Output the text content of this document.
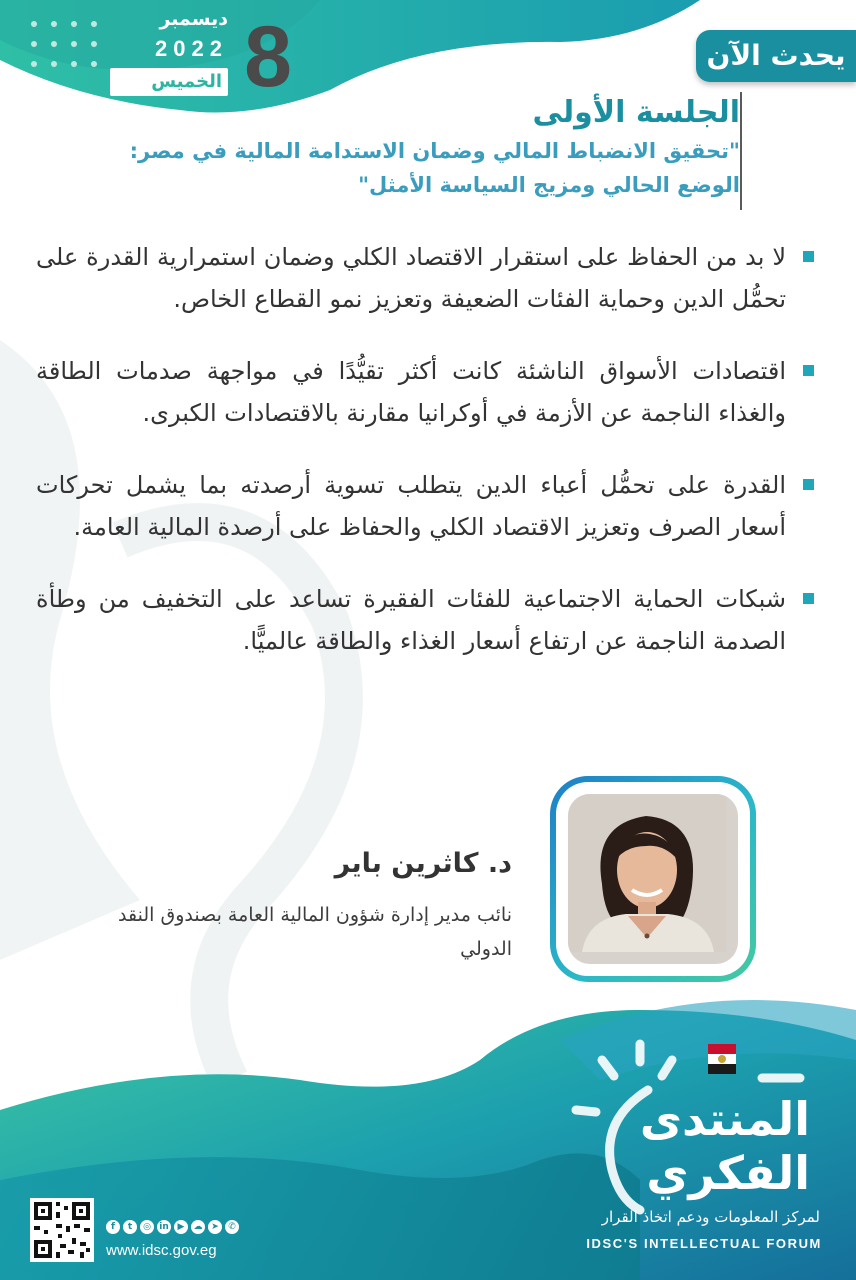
8
ديسمبر
2022
الخميس
يحدث الآن

الجلسة الأولى

"تحقيق الانضباط المالي وضمان الاستدامة المالية في مصر:

الوضع الحالي ومزيج السياسة الأمثل"

لا بد من الحفاظ على استقرار الاقتصاد الكلي وضمان استمرارية القدرة على تحمُّل الدين وحماية الفئات الضعيفة وتعزيز نمو القطاع الخاص.
اقتصادات الأسواق الناشئة كانت أكثر تقيُّدًا في مواجهة صدمات الطاقة والغذاء الناجمة عن الأزمة في أوكرانيا مقارنة بالاقتصادات الكبرى.
القدرة على تحمُّل أعباء الدين يتطلب تسوية أرصدته بما يشمل تحركات أسعار الصرف وتعزيز الاقتصاد الكلي والحفاظ على أرصدة المالية العامة.
شبكات الحماية الاجتماعية للفئات الفقيرة تساعد على التخفيف من وطأة الصدمة الناجمة عن ارتفاع أسعار الغذاء والطاقة عالميًّا.
د. كاثرين باير
نائب مدير إدارة شؤون المالية العامة بصندوق النقد الدولي
المنتدى
الفكري
لمركز المعلومات ودعم اتخاذ القرار
IDSC'S INTELLECTUAL FORUM
f	t	◎ in ▶	☁ ➤	✆
www.idsc.gov.eg
